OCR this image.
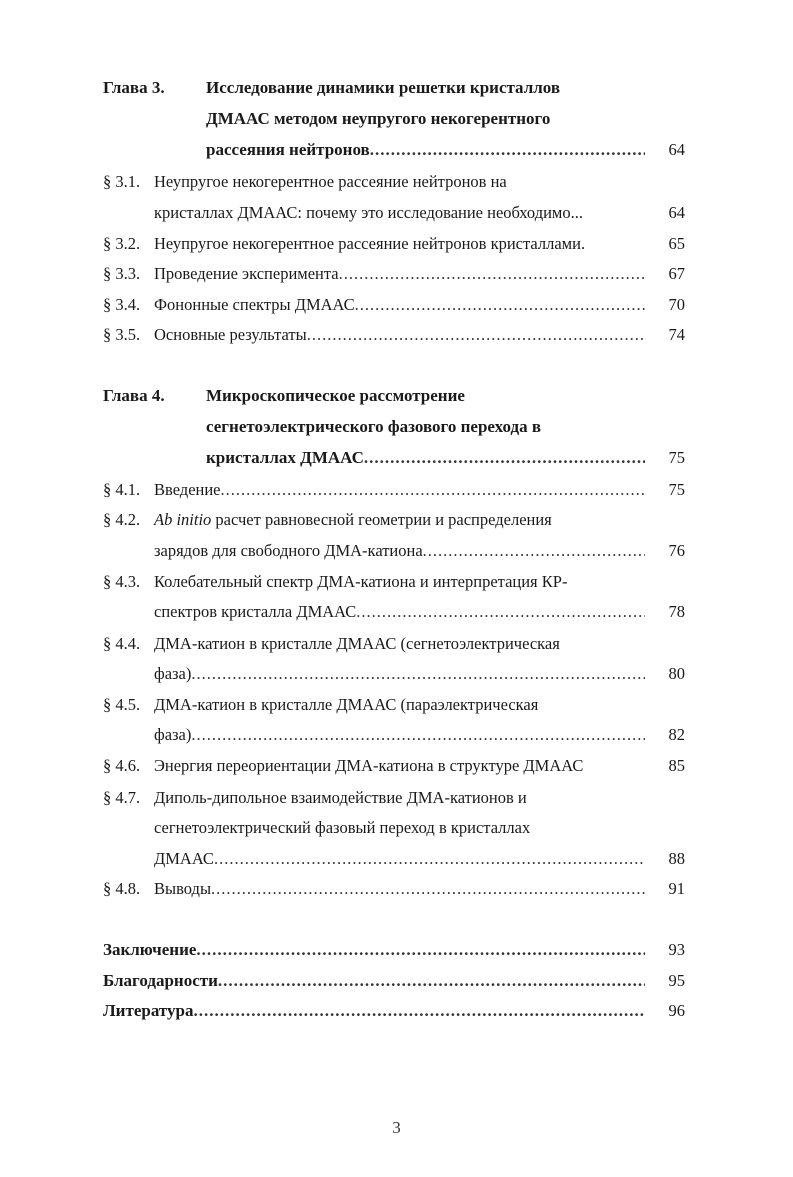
Глава 3. Исследование динамики решетки кристаллов
ДМААС методом неупругого некогерентного
рассеяния нейтронов .....	64
§ 3.1. Неупругое некогерентное рассеяние нейтронов на
кристаллах ДМААС: почему это исследование необходимо...	64
§ 3.2. Неупругое некогерентное рассеяние нейтронов кристаллами.	65
§ 3.3. Проведение эксперимента .....	67
§ 3.4. Фононные спектры ДМААС .....	70
§ 3.5. Основные результаты .....	74
Глава 4. Микроскопическое рассмотрение
сегнетоэлектрического фазового перехода в
кристаллах ДМААС .....	75
§ 4.1. Введение .....	75
§ 4.2. Ab initio расчет равновесной геометрии и распределения
зарядов для свободного ДМА-катиона .....	76
§ 4.3. Колебательный спектр ДМА-катиона и интерпретация КР-
спектров кристалла ДМААС .....	78
§ 4.4. ДМА-катион в кристалле ДМААС (сегнетоэлектрическая
фаза) .....	80
§ 4.5. ДМА-катион в кристалле ДМААС (параэлектрическая
фаза) .....	82
§ 4.6. Энергия переориентации ДМА-катиона в структуре ДМААС	85
§ 4.7. Диполь-дипольное взаимодействие ДМА-катионов и
сегнетоэлектрический фазовый переход в кристаллах
ДМААС .....	88
§ 4.8. Выводы .....	91
Заключение .....	93
Благодарности .....	95
Литература .....	96
3
